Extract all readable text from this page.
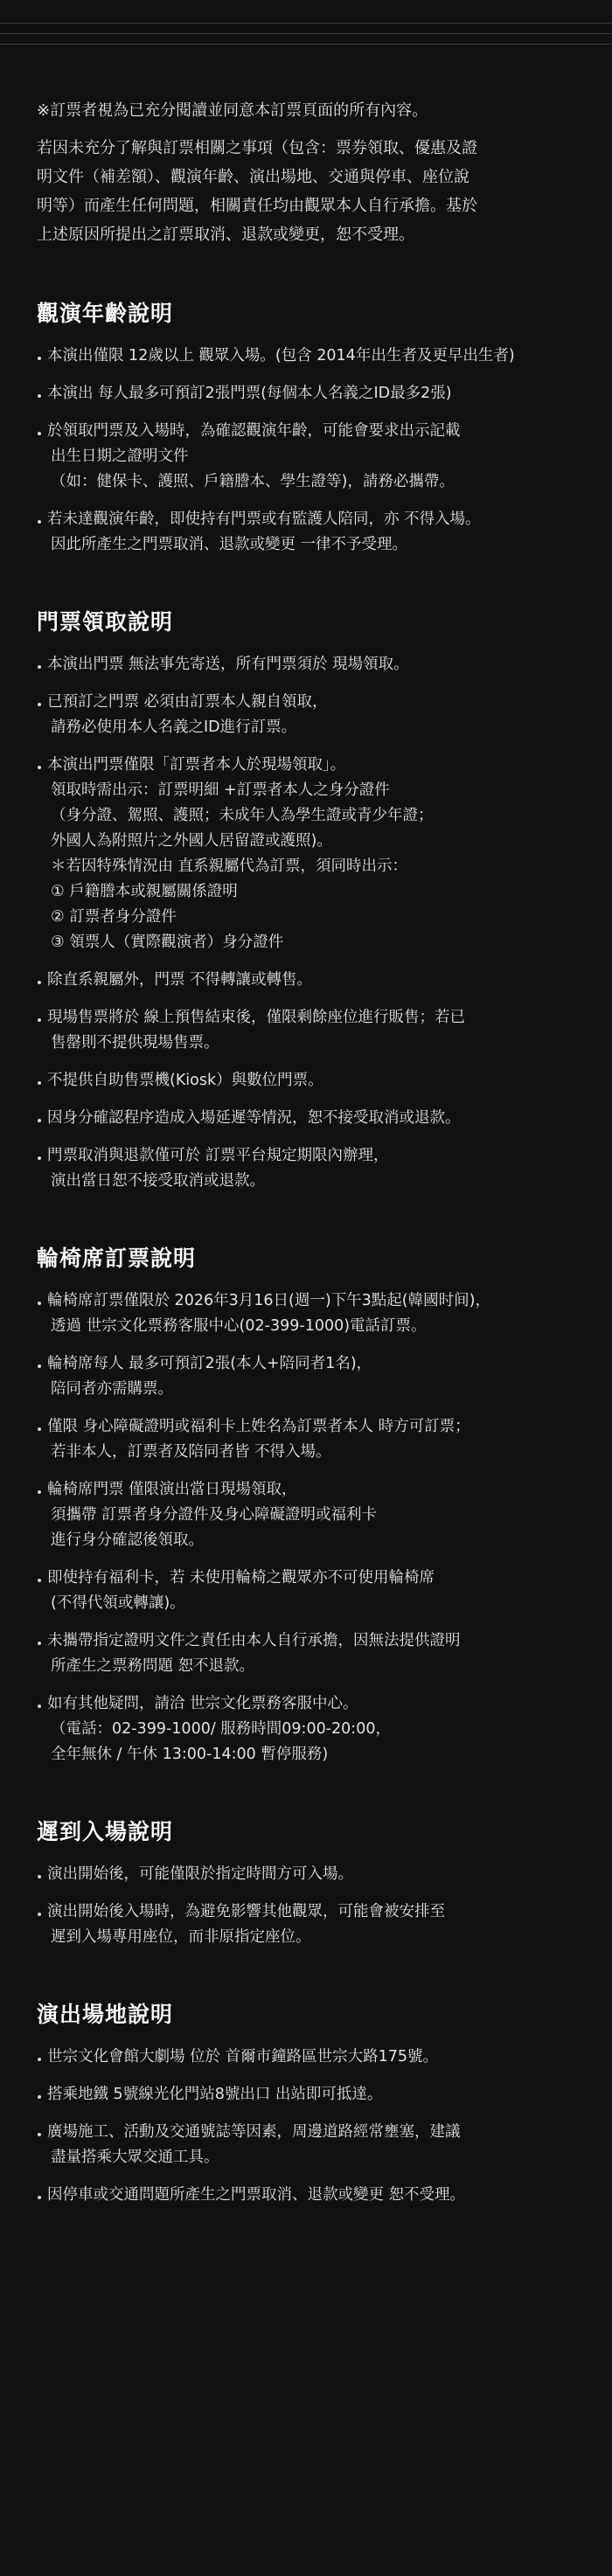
※訂票者視為已充分閱讀並同意本訂票頁面的所有內容。

若因未充分了解與訂票相關之事項（包含：票券領取、優惠及證
明文件（補差額）、觀演年齡、演出場地、交通與停車、座位說
明等）而產生任何問題，相關責任均由觀眾本人自行承擔。基於
上述原因所提出之訂票取消、退款或變更，恕不受理。

觀演年齡說明
本演出僅限 12歲以上 觀眾入場。(包含 2014年出生者及更早出生者)
本演出 每人最多可預訂2張門票(每個本人名義之ID最多2張)
於領取門票及入場時，為確認觀演年齡，可能會要求出示記載
出生日期之證明文件
（如：健保卡、護照、戶籍謄本、學生證等)，請務必攜帶。
若未達觀演年齡，即使持有門票或有監護人陪同，亦 不得入場。
因此所產生之門票取消、退款或變更 一律不予受理。
門票領取說明
本演出門票 無法事先寄送，所有門票須於 現場領取。
已預訂之門票 必須由訂票本人親自領取，
請務必使用本人名義之ID進行訂票。
本演出門票僅限「訂票者本人於現場領取」。
領取時需出示：訂票明細 +訂票者本人之身分證件
（身分證、駕照、護照；未成年人為學生證或青少年證；
外國人為附照片之外國人居留證或護照)。
＊若因特殊情況由 直系親屬代為訂票，須同時出示：
① 戶籍謄本或親屬關係證明
② 訂票者身分證件
③ 領票人（實際觀演者）身分證件
除直系親屬外，門票 不得轉讓或轉售。
現場售票將於 線上預售結束後，僅限剩餘座位進行販售；若已
售罄則不提供現場售票。
不提供自助售票機(Kiosk）與數位門票。
因身分確認程序造成入場延遲等情況，恕不接受取消或退款。
門票取消與退款僅可於 訂票平台規定期限內辦理，
演出當日恕不接受取消或退款。
輪椅席訂票說明
輪椅席訂票僅限於 2026年3月16日(週一)下午3點起(韓國时间)，
透過 世宗文化票務客服中心(02-399-1000)電話訂票。
輪椅席每人 最多可預訂2張(本人+陪同者1名)，
陪同者亦需購票。
僅限 身心障礙證明或福利卡上姓名為訂票者本人 時方可訂票；
若非本人，訂票者及陪同者皆 不得入場。
輪椅席門票 僅限演出當日現場領取，
須攜帶 訂票者身分證件及身心障礙證明或福利卡
進行身分確認後領取。
即使持有福利卡，若 未使用輪椅之觀眾亦不可使用輪椅席
(不得代領或轉讓)。
未攜帶指定證明文件之責任由本人自行承擔，因無法提供證明
所產生之票務問題 恕不退款。
如有其他疑問，請洽 世宗文化票務客服中心。
（電話：02-399-1000/ 服務時間09:00-20:00，
全年無休 / 午休 13:00-14:00 暫停服務)
遲到入場說明
演出開始後，可能僅限於指定時間方可入場。
演出開始後入場時，為避免影響其他觀眾，可能會被安排至
遲到入場專用座位，而非原指定座位。
演出場地說明
世宗文化會館大劇場 位於 首爾市鐘路區世宗大路175號。
搭乘地鐵 5號線光化門站8號出口 出站即可抵達。
廣場施工、活動及交通號誌等因素，周邊道路經常壅塞，建議
盡量搭乘大眾交通工具。
因停車或交通問題所產生之門票取消、退款或變更 恕不受理。
